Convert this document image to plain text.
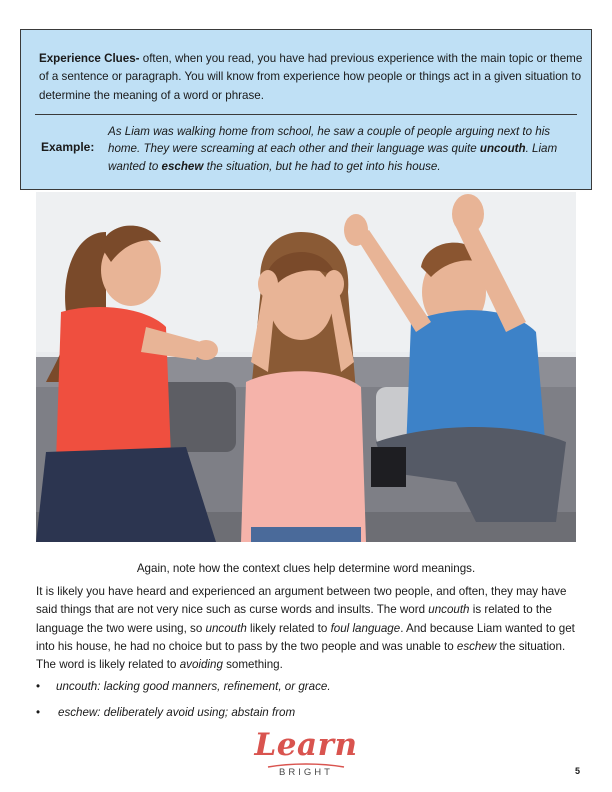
Experience Clues- often, when you read, you have had previous experience with the main topic or theme of a sentence or paragraph. You will know from experience how people or things act in a given situation to determine the meaning of a word or phrase.
Example:
As Liam was walking home from school, he saw a couple of people arguing next to his home. They were screaming at each other and their language was quite uncouth. Liam wanted to eschew the situation, but he had to get into his house.
Again, note how the context clues help determine word meanings.
It is likely you have heard and experienced an argument between two people, and often, they may have said things that are not very nice such as curse words and insults. The word uncouth is related to the language the two were using, so uncouth likely related to foul language. And because Liam wanted to get into his house, he had no choice but to pass by the two people and was unable to eschew the situation. The word is likely related to avoiding something.
• uncouth: lacking good manners, refinement, or grace.
• eschew: deliberately avoid using; abstain from
Learn
BRIGHT	5
